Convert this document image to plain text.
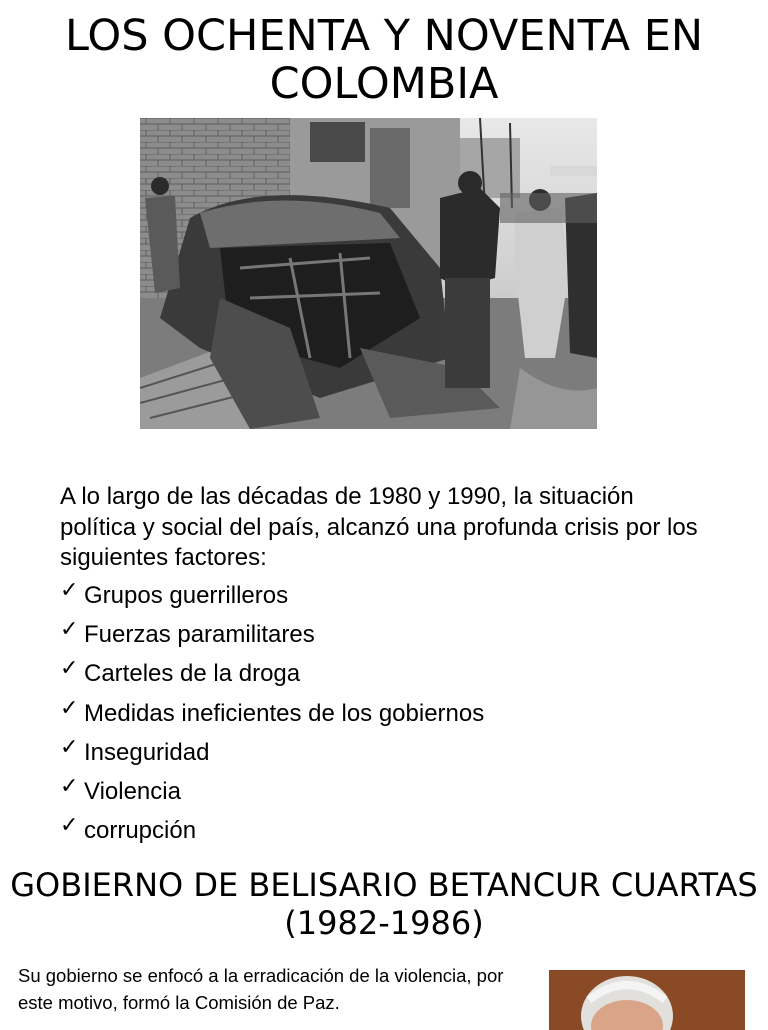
LOS OCHENTA Y NOVENTA EN COLOMBIA

A lo largo de las décadas de 1980 y 1990, la situación política y social del país, alcanzó una profunda crisis por los siguientes factores:

✓ Grupos guerrilleros
✓ Fuerzas paramilitares
✓ Carteles de la droga
✓ Medidas ineficientes de los gobiernos
✓ Inseguridad
✓ Violencia
✓ corrupción
GOBIERNO DE BELISARIO BETANCUR CUARTAS (1982-1986)

Su gobierno se enfocó a la erradicación de la violencia, por este motivo, formó la Comisión de Paz.
